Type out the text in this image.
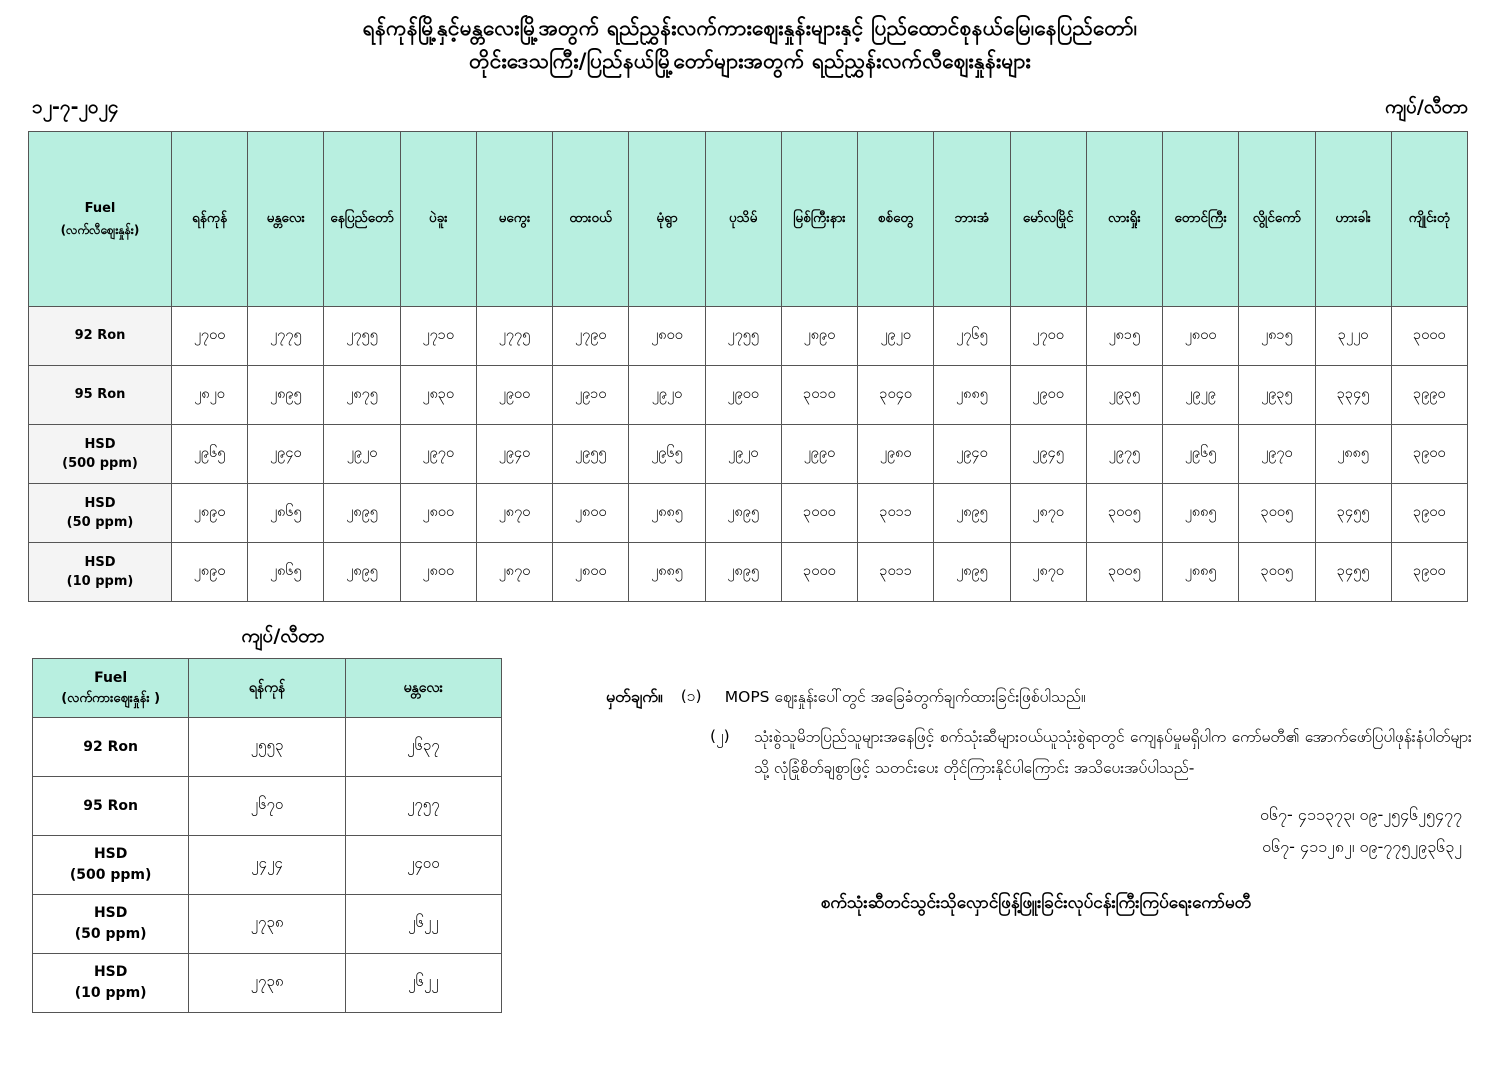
ရန်ကုန်မြို့နှင့်မန္တလေးမြို့အတွက် ရည်ညွှန်းလက်ကားဈေးနှုန်းများနှင့် ပြည်ထောင်စုနယ်မြေ၊နေပြည်တော်၊
တိုင်းဒေသကြီး/ပြည်နယ်မြို့တော်များအတွက် ရည်ညွှန်းလက်လီဈေးနှုန်းများ
၁၂-၇-၂၀၂၄	ကျပ်/လီတာ
Fuel
(လက်လီဈေးနှုန်း)	ရန်ကုန်	မန္တလေး	နေပြည်တော်	ပဲခူး	မကွေး	ထားဝယ်	မုံရွာ	ပုသိမ်	မြစ်ကြီးနား	စစ်တွေ	ဘားအံ	မော်လမြိုင်	လားရှိုး	တောင်ကြီး	လွိုင်ကော်	ဟားခါး	ကျိုင်းတုံ

92 Ron	၂၇၀၀	၂၇၇၅	၂၇၅၅	၂၇၁၀	၂၇၇၅	၂၇၉၀	၂၈၀၀	၂၇၅၅	၂၈၉၀	၂၉၂၀	၂၇၆၅	၂၇၀၀	၂၈၁၅	၂၈၀၀	၂၈၁၅	၃၂၂၀	၃၀၀၀

95 Ron	၂၈၂၀	၂၈၉၅	၂၈၇၅	၂၈၃၀	၂၉၀၀	၂၉၁၀	၂၉၂၀	၂၉၀၀	၃၀၁၀	၃၀၄၀	၂၈၈၅	၂၉၀၀	၂၉၃၅	၂၉၂၉	၂၉၃၅	၃၃၄၅	၃၉၉၀

HSD
(500 ppm)	၂၉၆၅	၂၉၄၀	၂၉၂၀	၂၉၇၀	၂၉၄၀	၂၉၅၅	၂၉၆၅	၂၉၂၀	၂၉၉၀	၂၉၈၀	၂၉၄၀	၂၉၄၅	၂၉၇၅	၂၉၆၅	၂၉၇၀	၂၈၈၅	၃၉၀၀

HSD
(50 ppm)	၂၈၉၀	၂၈၆၅	၂၈၉၅	၂၈၀၀	၂၈၇၀	၂၈၀၀	၂၈၈၅	၂၈၉၅	၃၀၀၀	၃၀၁၁	၂၈၉၅	၂၈၇၀	၃၀၀၅	၂၈၈၅	၃၀၀၅	၃၄၅၅	၃၉၀၀

HSD
(10 ppm)	၂၈၉၀	၂၈၆၅	၂၈၉၅	၂၈၀၀	၂၈၇၀	၂၈၀၀	၂၈၈၅	၂၈၉၅	၃၀၀၀	၃၀၁၁	၂၈၉၅	၂၈၇၀	၃၀၀၅	၂၈၈၅	၃၀၀၅	၃၄၅၅	၃၉၀၀
ကျပ်/လီတာ
Fuel
(လက်ကားဈေးနှုန်း )	ရန်ကုန်	မန္တလေး

92 Ron	၂၅၅၃	၂၆၃၇

95 Ron	၂၆၇၀	၂၇၅၇

HSD
(500 ppm)	၂၄၂၄	၂၄၀၀

HSD
(50 ppm)	၂၇၃၈	၂၆၂၂

HSD
(10 ppm)	၂၇၃၈	၂၆၂၂
မှတ်ချက်။	(၁)	MOPS ဈေးနှုန်းပေါ်တွင် အခြေခံတွက်ချက်ထားခြင်းဖြစ်ပါသည်။
(၂)	သုံးစွဲသူမိဘပြည်သူများအနေဖြင့် စက်သုံးဆီများဝယ်ယူသုံးစွဲရာတွင် ကျေနပ်မှုမရှိပါက ကော်မတီ၏ အောက်ဖော်ပြပါဖုန်းနံပါတ်များသို့ လုံခြုံစိတ်ချစွာဖြင့် သတင်းပေး တိုင်ကြားနိုင်ပါကြောင်း အသိပေးအပ်ပါသည်-
၀၆၇- ၄၁၁၃၇၃၊ ၀၉-၂၅၄၆၂၅၄၇၇
၀၆၇- ၄၁၁၂၈၂၊ ၀၉-၇၇၅၂၉၃၆၃၂
စက်သုံးဆီတင်သွင်းသိုလှောင်ဖြန့်ဖြူးခြင်းလုပ်ငန်းကြီးကြပ်ရေးကော်မတီ
